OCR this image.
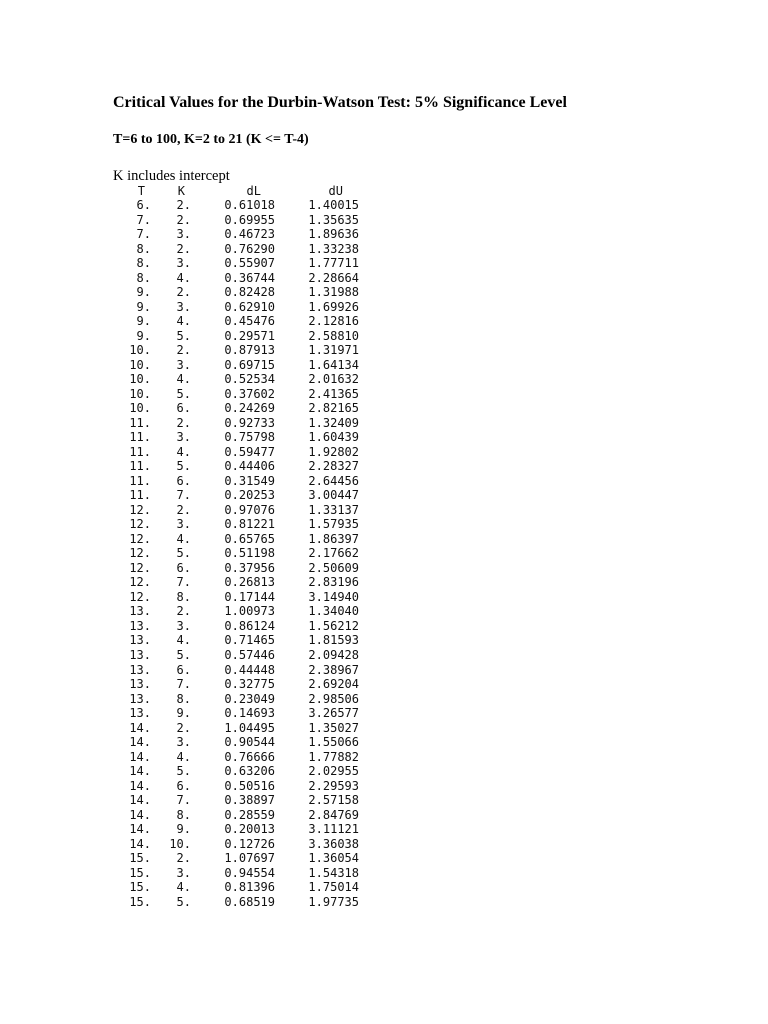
Critical Values for the Durbin-Watson Test: 5% Significance Level
T=6 to 100, K=2 to 21 (K <= T-4)
K includes intercept
T	K	dL	dU
6.	2.	0.61018	1.40015
7.	2.	0.69955	1.35635
7.	3.	0.46723	1.89636
8.	2.	0.76290	1.33238
8.	3.	0.55907	1.77711
8.	4.	0.36744	2.28664
9.	2.	0.82428	1.31988
9.	3.	0.62910	1.69926
9.	4.	0.45476	2.12816
9.	5.	0.29571	2.58810
10.	2.	0.87913	1.31971
10.	3.	0.69715	1.64134
10.	4.	0.52534	2.01632
10.	5.	0.37602	2.41365
10.	6.	0.24269	2.82165
11.	2.	0.92733	1.32409
11.	3.	0.75798	1.60439
11.	4.	0.59477	1.92802
11.	5.	0.44406	2.28327
11.	6.	0.31549	2.64456
11.	7.	0.20253	3.00447
12.	2.	0.97076	1.33137
12.	3.	0.81221	1.57935
12.	4.	0.65765	1.86397
12.	5.	0.51198	2.17662
12.	6.	0.37956	2.50609
12.	7.	0.26813	2.83196
12.	8.	0.17144	3.14940
13.	2.	1.00973	1.34040
13.	3.	0.86124	1.56212
13.	4.	0.71465	1.81593
13.	5.	0.57446	2.09428
13.	6.	0.44448	2.38967
13.	7.	0.32775	2.69204
13.	8.	0.23049	2.98506
13.	9.	0.14693	3.26577
14.	2.	1.04495	1.35027
14.	3.	0.90544	1.55066
14.	4.	0.76666	1.77882
14.	5.	0.63206	2.02955
14.	6.	0.50516	2.29593
14.	7.	0.38897	2.57158
14.	8.	0.28559	2.84769
14.	9.	0.20013	3.11121
14.	10.	0.12726	3.36038
15.	2.	1.07697	1.36054
15.	3.	0.94554	1.54318
15.	4.	0.81396	1.75014
15.	5.	0.68519	1.97735
